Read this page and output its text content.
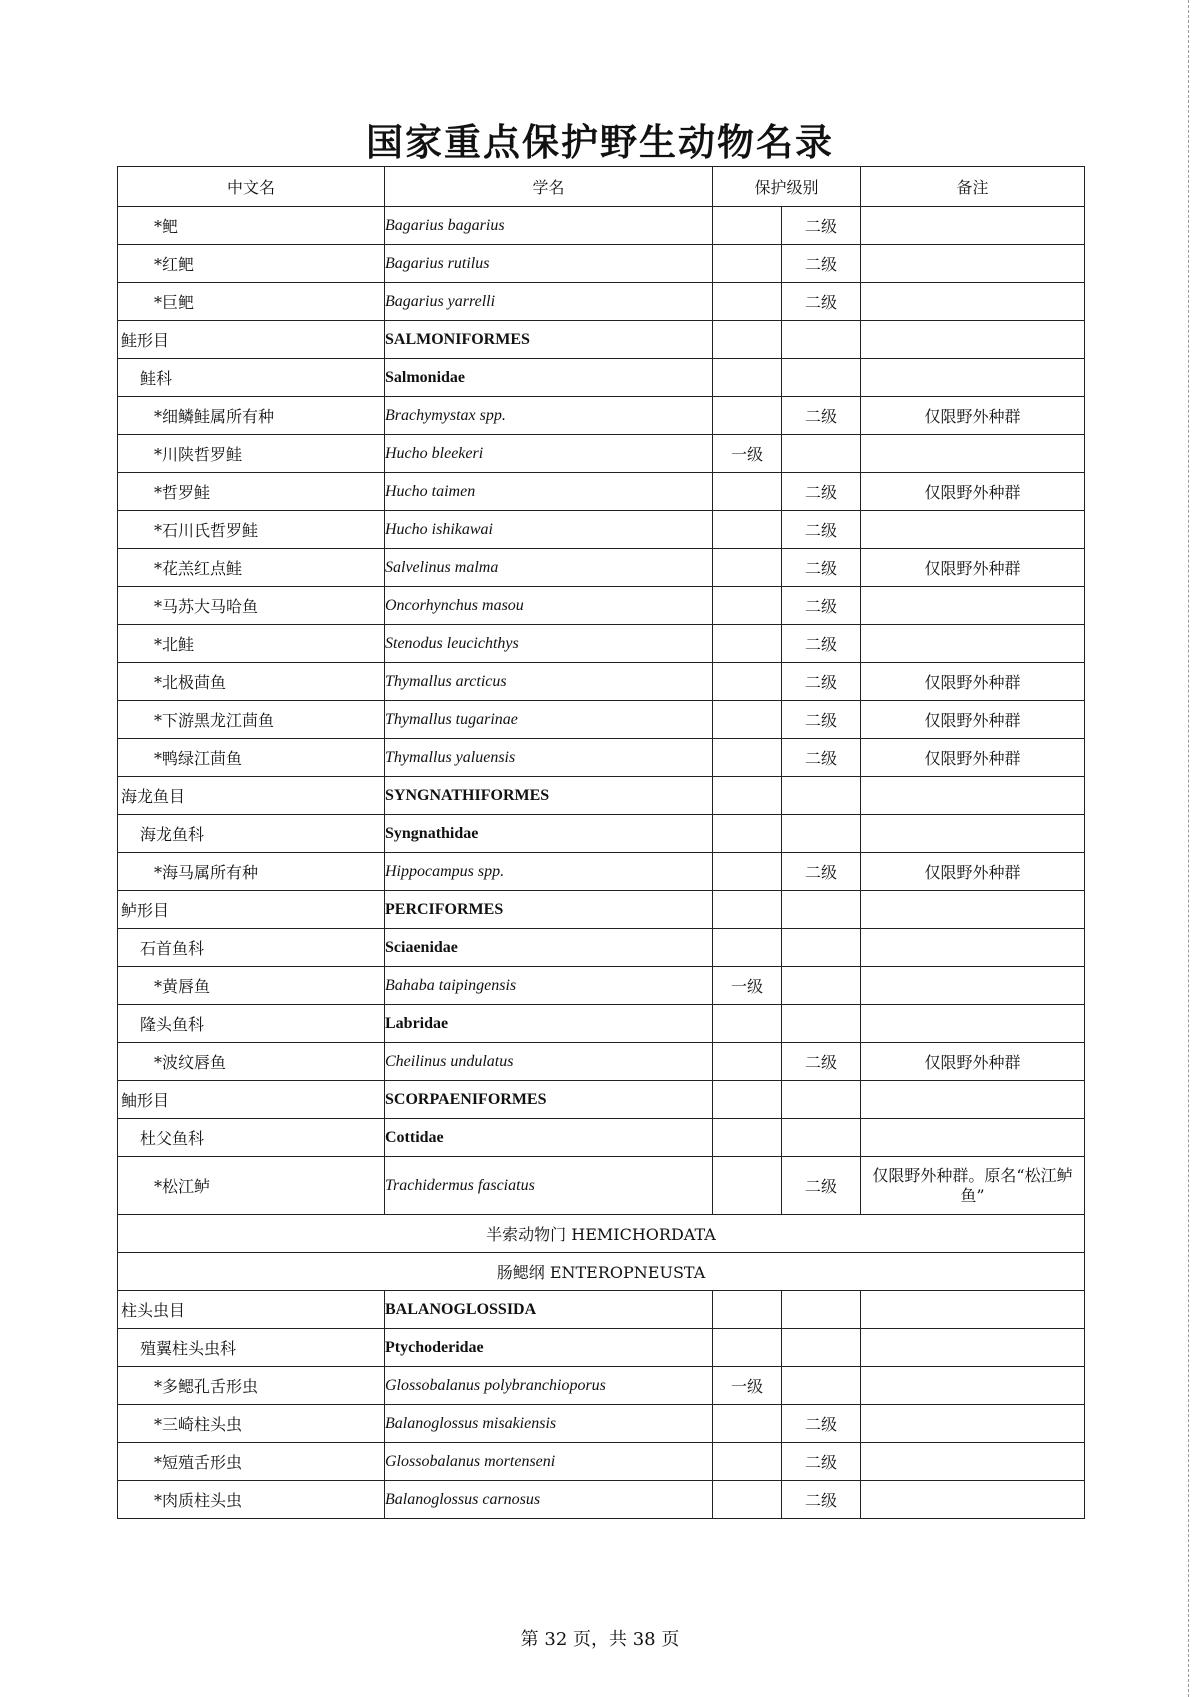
国家重点保护野生动物名录
中文名	学名	保护级别		备注
*鲃	Bagarius bagarius		二级	
*红鲃	Bagarius rutilus		二级	
*巨鲃	Bagarius yarrelli		二级	
鲑形目	SALMONIFORMES			
鲑科	Salmonidae			
*细鳞鲑属所有种	Brachymystax spp.		二级	仅限野外种群
*川陕哲罗鲑	Hucho bleekeri	一级		
*哲罗鲑	Hucho taimen		二级	仅限野外种群
*石川氏哲罗鲑	Hucho ishikawai		二级	
*花羔红点鲑	Salvelinus malma		二级	仅限野外种群
*马苏大马哈鱼	Oncorhynchus masou		二级	
*北鲑	Stenodus leucichthys		二级	
*北极茴鱼	Thymallus arcticus		二级	仅限野外种群
*下游黑龙江茴鱼	Thymallus tugarinae		二级	仅限野外种群
*鸭绿江茴鱼	Thymallus yaluensis		二级	仅限野外种群
海龙鱼目	SYNGNATHIFORMES			
海龙鱼科	Syngnathidae			
*海马属所有种	Hippocampus spp.		二级	仅限野外种群
鲈形目	PERCIFORMES			
石首鱼科	Sciaenidae			
*黄唇鱼	Bahaba taipingensis	一级		
隆头鱼科	Labridae			
*波纹唇鱼	Cheilinus undulatus		二级	仅限野外种群
鲉形目	SCORPAENIFORMES			
杜父鱼科	Cottidae			
*松江鲈	Trachidermus fasciatus		二级	仅限野外种群。原名“松江鲈鱼”
半索动物门 HEMICHORDATA				
肠鳃纲 ENTEROPNEUSTA				
柱头虫目	BALANOGLOSSIDA			
殖翼柱头虫科	Ptychoderidae			
*多鳃孔舌形虫	Glossobalanus polybranchioporus	一级		
*三崎柱头虫	Balanoglossus misakiensis		二级	
*短殖舌形虫	Glossobalanus mortenseni		二级	
*肉质柱头虫	Balanoglossus carnosus		二级	
第 32 页，共 38 页
